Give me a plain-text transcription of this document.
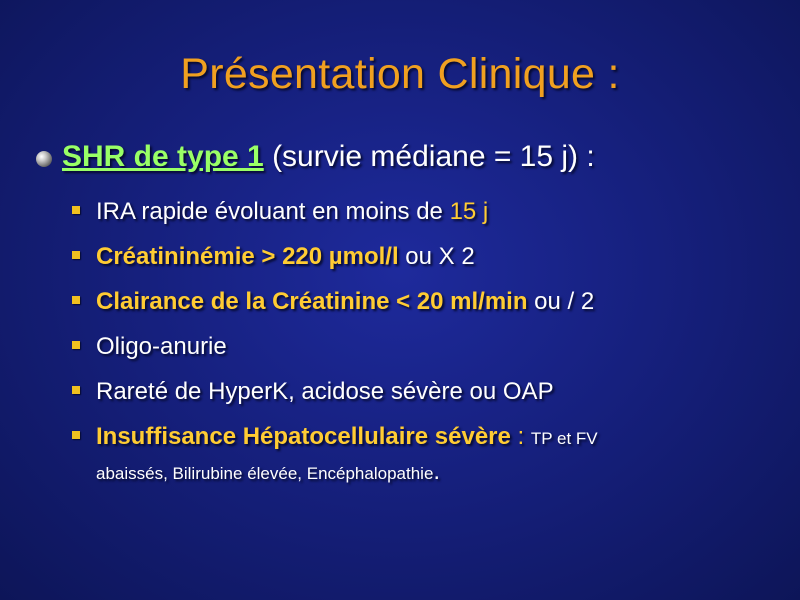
Présentation Clinique :
SHR de type 1 (survie médiane = 15 j) :
IRA rapide évoluant en moins de 15 j
Créatininémie > 220 µmol/l ou X 2
Clairance de la Créatinine < 20 ml/min ou / 2
Oligo-anurie
Rareté de HyperK, acidose sévère ou OAP
Insuffisance Hépatocellulaire sévère : TP et FV
abaissés, Bilirubine élevée, Encéphalopathie.
